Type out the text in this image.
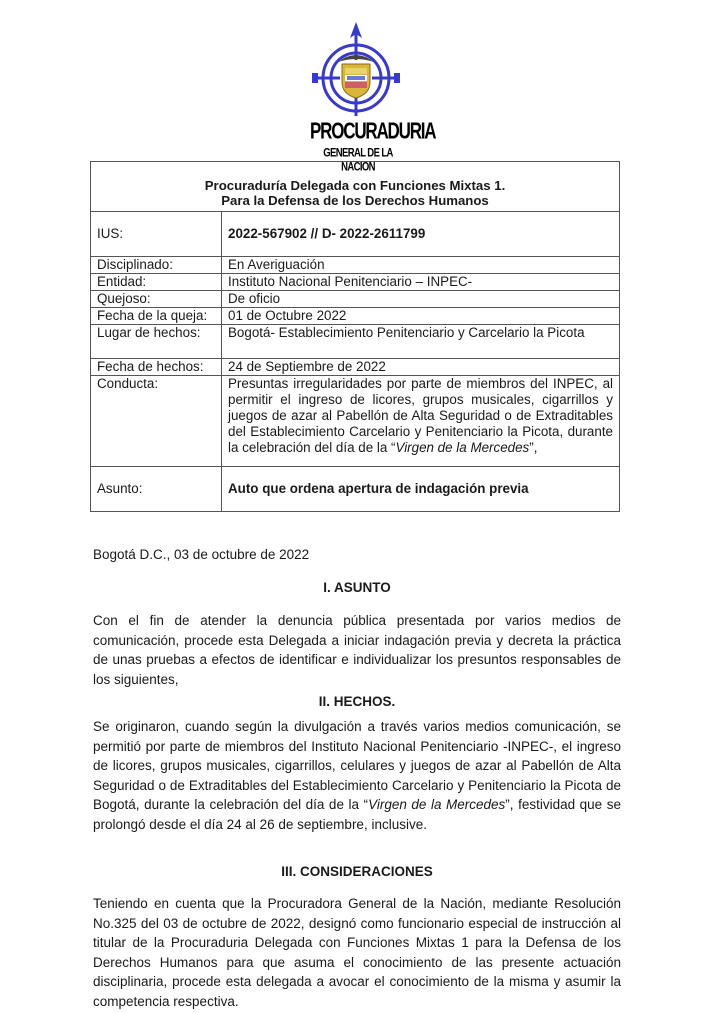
PROCURADURIA
GENERAL DE LA NACION
Procuraduría Delegada con Funciones Mixtas 1.
Para la Defensa de los Derechos Humanos	

IUS:	2022-567902 // D- 2022-2611799
Disciplinado:	En Averiguación
Entidad:	Instituto Nacional Penitenciario – INPEC-
Quejoso:	De oficio
Fecha de la queja:	01 de Octubre 2022
Lugar de hechos:	Bogotá- Establecimiento Penitenciario y Carcelario la Picota
Fecha de hechos:	24 de Septiembre de 2022
Conducta:	Presuntas irregularidades por parte de miembros del INPEC, al permitir el ingreso de licores, grupos musicales, cigarrillos y juegos de azar al Pabellón de Alta Seguridad o de Extraditables del Establecimiento Carcelario y Penitenciario la Picota, durante la celebración del día de la “Virgen de la Mercedes”,
Asunto:	Auto que ordena apertura de indagación previa
Bogotá D.C., 03 de octubre de 2022
I. ASUNTO
Con el fin de atender la denuncia pública presentada por varios medios de comunicación, procede esta Delegada a iniciar indagación previa y decreta la práctica de unas pruebas a efectos de identificar e individualizar los presuntos responsables de los siguientes,
II. HECHOS.
Se originaron, cuando según la divulgación a través varios medios comunicación, se permitió por parte de miembros del Instituto Nacional Penitenciario -INPEC-, el ingreso de licores, grupos musicales, cigarrillos, celulares y juegos de azar al Pabellón de Alta Seguridad o de Extraditables del Establecimiento Carcelario y Penitenciario la Picota de Bogotá, durante la celebración del día de la “Virgen de la Mercedes”, festividad que se prolongó desde el día 24 al 26 de septiembre, inclusive.
III. CONSIDERACIONES
Teniendo en cuenta que la Procuradora General de la Nación, mediante Resolución No.325 del 03 de octubre de 2022, designó como funcionario especial de instrucción al titular de la Procuraduria Delegada con Funciones Mixtas 1 para la Defensa de los Derechos Humanos para que asuma el conocimiento de las presente actuación disciplinaria, procede esta delegada a avocar el conocimiento de la misma y asumir la competencia respectiva.
